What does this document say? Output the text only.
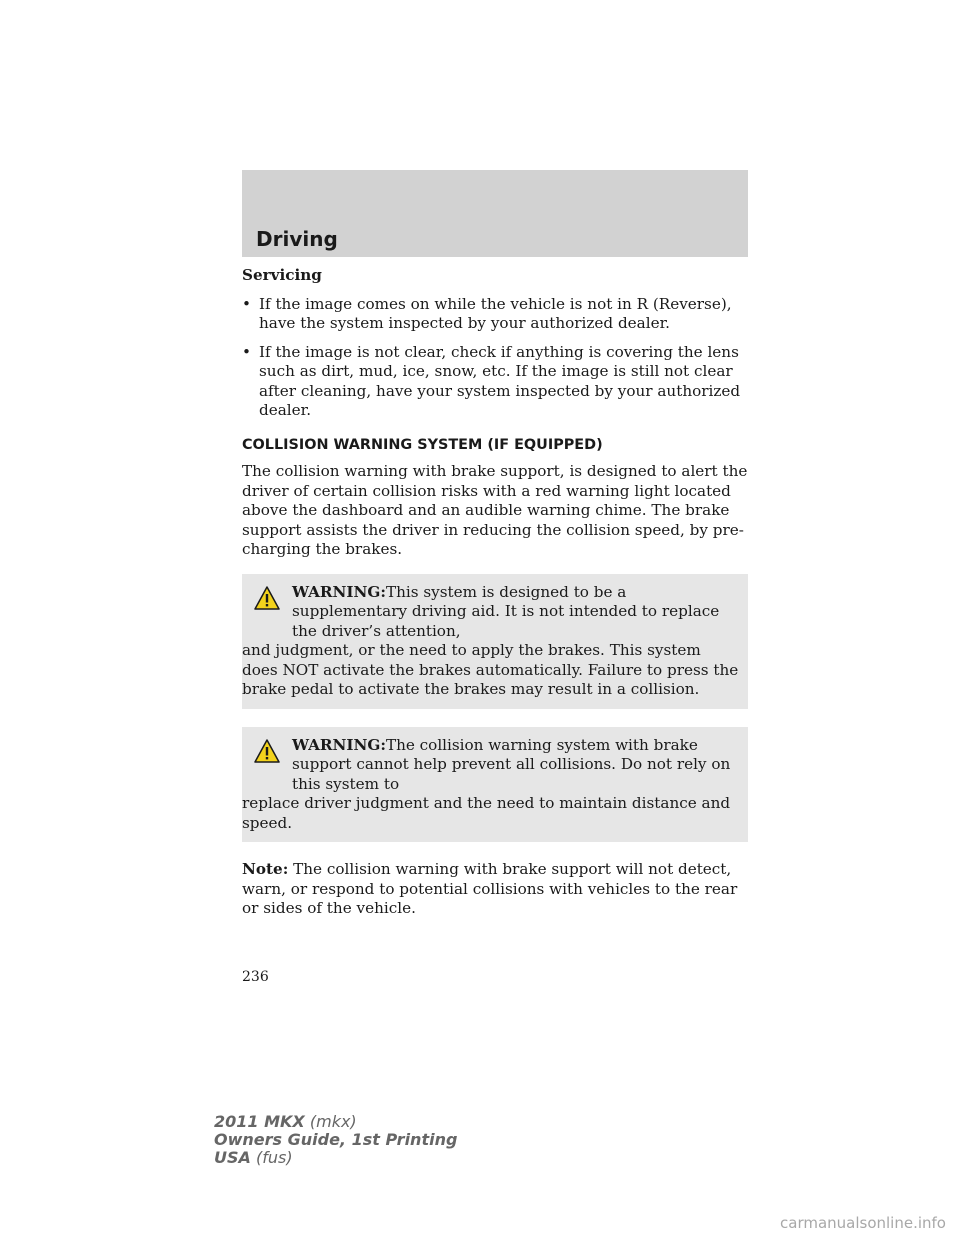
Driving
Servicing
• If the image comes on while the vehicle is not in R (Reverse), have the system inspected by your authorized dealer.
• If the image is not clear, check if anything is covering the lens such as dirt, mud, ice, snow, etc. If the image is still not clear after cleaning, have your system inspected by your authorized dealer.
COLLISION WARNING SYSTEM (IF EQUIPPED)
The collision warning with brake support, is designed to alert the driver of certain collision risks with a red warning light located above the dashboard and an audible warning chime. The brake support assists the driver in reducing the collision speed, by pre-charging the brakes.
WARNING:This system is designed to be a supplementary driving aid. It is not intended to replace the driver’s attention,
and judgment, or the need to apply the brakes. This system does NOT activate the brakes automatically. Failure to press the brake pedal to activate the brakes may result in a collision.
WARNING:The collision warning system with brake support cannot help prevent all collisions. Do not rely on this system to
replace driver judgment and the need to maintain distance and speed.
Note: The collision warning with brake support will not detect, warn, or respond to potential collisions with vehicles to the rear or sides of the vehicle.
236
2011 MKX (mkx)
Owners Guide, 1st Printing
USA (fus)
carmanualsonline.info
